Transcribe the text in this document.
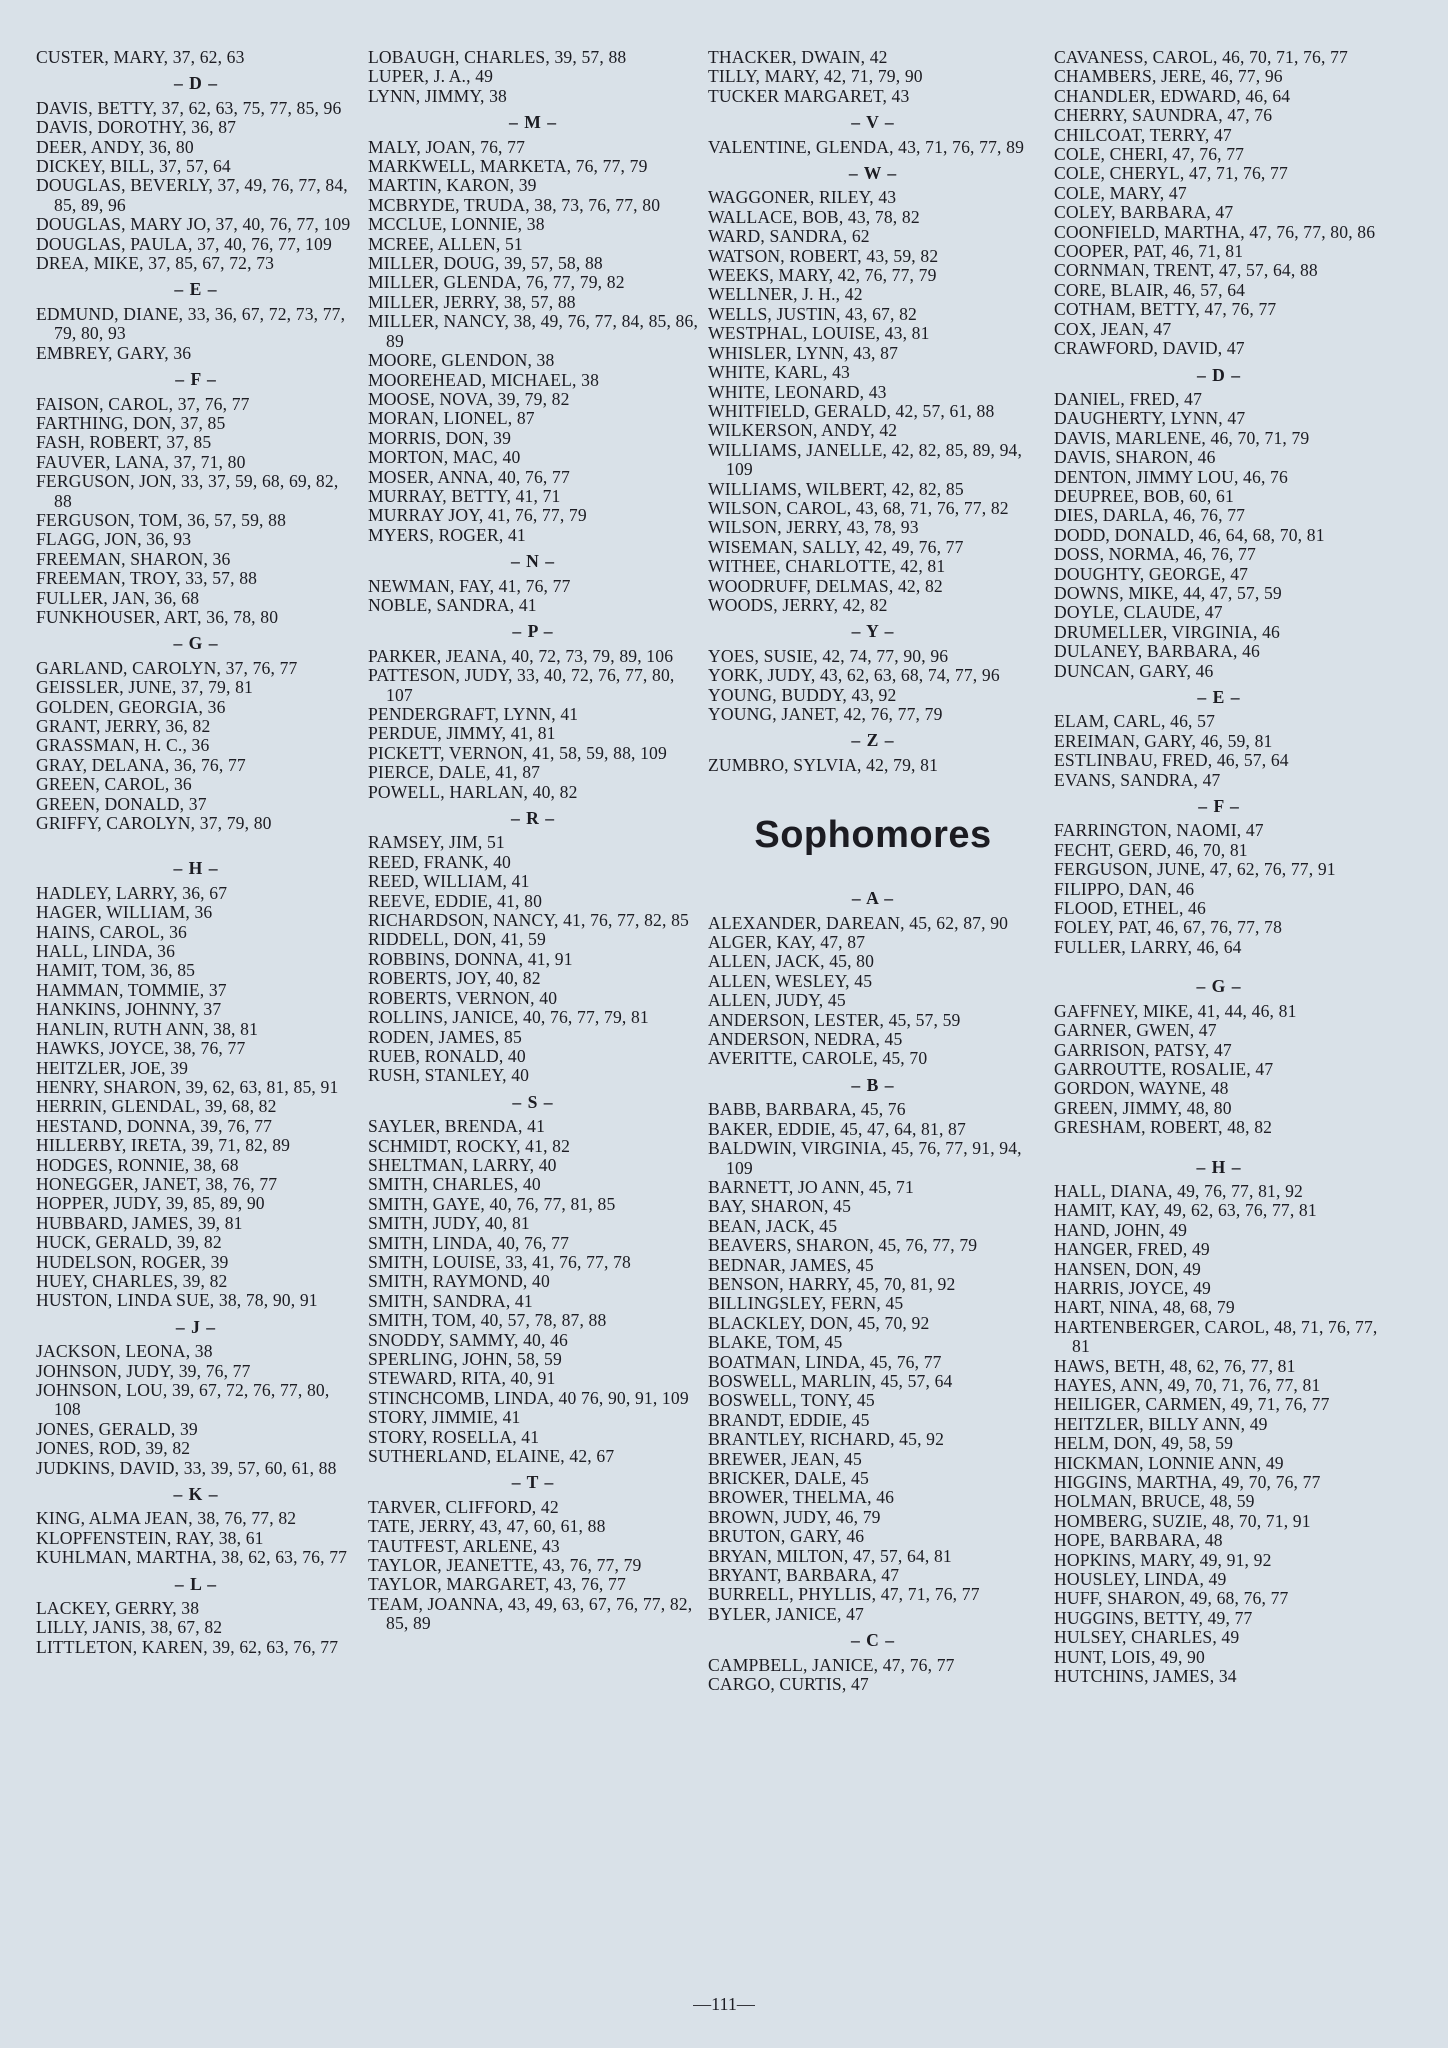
CUSTER, MARY, 37, 62, 63
– D –
DAVIS, BETTY, 37, 62, 63, 75, 77, 85, 96
DAVIS, DOROTHY, 36, 87
DEER, ANDY, 36, 80
DICKEY, BILL, 37, 57, 64
DOUGLAS, BEVERLY, 37, 49, 76, 77, 84, 85, 89, 96
DOUGLAS, MARY JO, 37, 40, 76, 77, 109
DOUGLAS, PAULA, 37, 40, 76, 77, 109
DREA, MIKE, 37, 85, 67, 72, 73
– E –
EDMUND, DIANE, 33, 36, 67, 72, 73, 77, 79, 80, 93
EMBREY, GARY, 36
– F –
FAISON, CAROL, 37, 76, 77
FARTHING, DON, 37, 85
FASH, ROBERT, 37, 85
FAUVER, LANA, 37, 71, 80
FERGUSON, JON, 33, 37, 59, 68, 69, 82, 88
FERGUSON, TOM, 36, 57, 59, 88
FLAGG, JON, 36, 93
FREEMAN, SHARON, 36
FREEMAN, TROY, 33, 57, 88
FULLER, JAN, 36, 68
FUNKHOUSER, ART, 36, 78, 80
– G –
GARLAND, CAROLYN, 37, 76, 77
GEISSLER, JUNE, 37, 79, 81
GOLDEN, GEORGIA, 36
GRANT, JERRY, 36, 82
GRASSMAN, H. C., 36
GRAY, DELANA, 36, 76, 77
GREEN, CAROL, 36
GREEN, DONALD, 37
GRIFFY, CAROLYN, 37, 79, 80
– H –
HADLEY, LARRY, 36, 67
HAGER, WILLIAM, 36
HAINS, CAROL, 36
HALL, LINDA, 36
HAMIT, TOM, 36, 85
HAMMAN, TOMMIE, 37
HANKINS, JOHNNY, 37
HANLIN, RUTH ANN, 38, 81
HAWKS, JOYCE, 38, 76, 77
HEITZLER, JOE, 39
HENRY, SHARON, 39, 62, 63, 81, 85, 91
HERRIN, GLENDAL, 39, 68, 82
HESTAND, DONNA, 39, 76, 77
HILLERBY, IRETA, 39, 71, 82, 89
HODGES, RONNIE, 38, 68
HONEGGER, JANET, 38, 76, 77
HOPPER, JUDY, 39, 85, 89, 90
HUBBARD, JAMES, 39, 81
HUCK, GERALD, 39, 82
HUDELSON, ROGER, 39
HUEY, CHARLES, 39, 82
HUSTON, LINDA SUE, 38, 78, 90, 91
– J –
JACKSON, LEONA, 38
JOHNSON, JUDY, 39, 76, 77
JOHNSON, LOU, 39, 67, 72, 76, 77, 80, 108
JONES, GERALD, 39
JONES, ROD, 39, 82
JUDKINS, DAVID, 33, 39, 57, 60, 61, 88
– K –
KING, ALMA JEAN, 38, 76, 77, 82
KLOPFENSTEIN, RAY, 38, 61
KUHLMAN, MARTHA, 38, 62, 63, 76, 77
– L –
LACKEY, GERRY, 38
LILLY, JANIS, 38, 67, 82
LITTLETON, KAREN, 39, 62, 63, 76, 77
LOBAUGH, CHARLES, 39, 57, 88
LUPER, J. A., 49
LYNN, JIMMY, 38
– M –
MALY, JOAN, 76, 77
MARKWELL, MARKETA, 76, 77, 79
MARTIN, KARON, 39
MCBRYDE, TRUDA, 38, 73, 76, 77, 80
MCCLUE, LONNIE, 38
MCREE, ALLEN, 51
MILLER, DOUG, 39, 57, 58, 88
MILLER, GLENDA, 76, 77, 79, 82
MILLER, JERRY, 38, 57, 88
MILLER, NANCY, 38, 49, 76, 77, 84, 85, 86, 89
MOORE, GLENDON, 38
MOOREHEAD, MICHAEL, 38
MOOSE, NOVA, 39, 79, 82
MORAN, LIONEL, 87
MORRIS, DON, 39
MORTON, MAC, 40
MOSER, ANNA, 40, 76, 77
MURRAY, BETTY, 41, 71
MURRAY JOY, 41, 76, 77, 79
MYERS, ROGER, 41
– N –
NEWMAN, FAY, 41, 76, 77
NOBLE, SANDRA, 41
– P –
PARKER, JEANA, 40, 72, 73, 79, 89, 106
PATTESON, JUDY, 33, 40, 72, 76, 77, 80, 107
PENDERGRAFT, LYNN, 41
PERDUE, JIMMY, 41, 81
PICKETT, VERNON, 41, 58, 59, 88, 109
PIERCE, DALE, 41, 87
POWELL, HARLAN, 40, 82
– R –
RAMSEY, JIM, 51
REED, FRANK, 40
REED, WILLIAM, 41
REEVE, EDDIE, 41, 80
RICHARDSON, NANCY, 41, 76, 77, 82, 85
RIDDELL, DON, 41, 59
ROBBINS, DONNA, 41, 91
ROBERTS, JOY, 40, 82
ROBERTS, VERNON, 40
ROLLINS, JANICE, 40, 76, 77, 79, 81
RODEN, JAMES, 85
RUEB, RONALD, 40
RUSH, STANLEY, 40
– S –
SAYLER, BRENDA, 41
SCHMIDT, ROCKY, 41, 82
SHELTMAN, LARRY, 40
SMITH, CHARLES, 40
SMITH, GAYE, 40, 76, 77, 81, 85
SMITH, JUDY, 40, 81
SMITH, LINDA, 40, 76, 77
SMITH, LOUISE, 33, 41, 76, 77, 78
SMITH, RAYMOND, 40
SMITH, SANDRA, 41
SMITH, TOM, 40, 57, 78, 87, 88
SNODDY, SAMMY, 40, 46
SPERLING, JOHN, 58, 59
STEWARD, RITA, 40, 91
STINCHCOMB, LINDA, 40 76, 90, 91, 109
STORY, JIMMIE, 41
STORY, ROSELLA, 41
SUTHERLAND, ELAINE, 42, 67
– T –
TARVER, CLIFFORD, 42
TATE, JERRY, 43, 47, 60, 61, 88
TAUTFEST, ARLENE, 43
TAYLOR, JEANETTE, 43, 76, 77, 79
TAYLOR, MARGARET, 43, 76, 77
TEAM, JOANNA, 43, 49, 63, 67, 76, 77, 82, 85, 89
THACKER, DWAIN, 42
TILLY, MARY, 42, 71, 79, 90
TUCKER MARGARET, 43
– V –
VALENTINE, GLENDA, 43, 71, 76, 77, 89
– W –
WAGGONER, RILEY, 43
WALLACE, BOB, 43, 78, 82
WARD, SANDRA, 62
WATSON, ROBERT, 43, 59, 82
WEEKS, MARY, 42, 76, 77, 79
WELLNER, J. H., 42
WELLS, JUSTIN, 43, 67, 82
WESTPHAL, LOUISE, 43, 81
WHISLER, LYNN, 43, 87
WHITE, KARL, 43
WHITE, LEONARD, 43
WHITFIELD, GERALD, 42, 57, 61, 88
WILKERSON, ANDY, 42
WILLIAMS, JANELLE, 42, 82, 85, 89, 94, 109
WILLIAMS, WILBERT, 42, 82, 85
WILSON, CAROL, 43, 68, 71, 76, 77, 82
WILSON, JERRY, 43, 78, 93
WISEMAN, SALLY, 42, 49, 76, 77
WITHEE, CHARLOTTE, 42, 81
WOODRUFF, DELMAS, 42, 82
WOODS, JERRY, 42, 82
– Y –
YOES, SUSIE, 42, 74, 77, 90, 96
YORK, JUDY, 43, 62, 63, 68, 74, 77, 96
YOUNG, BUDDY, 43, 92
YOUNG, JANET, 42, 76, 77, 79
– Z –
ZUMBRO, SYLVIA, 42, 79, 81
Sophomores
– A –
ALEXANDER, DAREAN, 45, 62, 87, 90
ALGER, KAY, 47, 87
ALLEN, JACK, 45, 80
ALLEN, WESLEY, 45
ALLEN, JUDY, 45
ANDERSON, LESTER, 45, 57, 59
ANDERSON, NEDRA, 45
AVERITTE, CAROLE, 45, 70
– B –
BABB, BARBARA, 45, 76
BAKER, EDDIE, 45, 47, 64, 81, 87
BALDWIN, VIRGINIA, 45, 76, 77, 91, 94, 109
BARNETT, JO ANN, 45, 71
BAY, SHARON, 45
BEAN, JACK, 45
BEAVERS, SHARON, 45, 76, 77, 79
BEDNAR, JAMES, 45
BENSON, HARRY, 45, 70, 81, 92
BILLINGSLEY, FERN, 45
BLACKLEY, DON, 45, 70, 92
BLAKE, TOM, 45
BOATMAN, LINDA, 45, 76, 77
BOSWELL, MARLIN, 45, 57, 64
BOSWELL, TONY, 45
BRANDT, EDDIE, 45
BRANTLEY, RICHARD, 45, 92
BREWER, JEAN, 45
BRICKER, DALE, 45
BROWER, THELMA, 46
BROWN, JUDY, 46, 79
BRUTON, GARY, 46
BRYAN, MILTON, 47, 57, 64, 81
BRYANT, BARBARA, 47
BURRELL, PHYLLIS, 47, 71, 76, 77
BYLER, JANICE, 47
– C –
CAMPBELL, JANICE, 47, 76, 77
CARGO, CURTIS, 47
CAVANESS, CAROL, 46, 70, 71, 76, 77
CHAMBERS, JERE, 46, 77, 96
CHANDLER, EDWARD, 46, 64
CHERRY, SAUNDRA, 47, 76
CHILCOAT, TERRY, 47
COLE, CHERI, 47, 76, 77
COLE, CHERYL, 47, 71, 76, 77
COLE, MARY, 47
COLEY, BARBARA, 47
COONFIELD, MARTHA, 47, 76, 77, 80, 86
COOPER, PAT, 46, 71, 81
CORNMAN, TRENT, 47, 57, 64, 88
CORE, BLAIR, 46, 57, 64
COTHAM, BETTY, 47, 76, 77
COX, JEAN, 47
CRAWFORD, DAVID, 47
– D –
DANIEL, FRED, 47
DAUGHERTY, LYNN, 47
DAVIS, MARLENE, 46, 70, 71, 79
DAVIS, SHARON, 46
DENTON, JIMMY LOU, 46, 76
DEUPREE, BOB, 60, 61
DIES, DARLA, 46, 76, 77
DODD, DONALD, 46, 64, 68, 70, 81
DOSS, NORMA, 46, 76, 77
DOUGHTY, GEORGE, 47
DOWNS, MIKE, 44, 47, 57, 59
DOYLE, CLAUDE, 47
DRUMELLER, VIRGINIA, 46
DULANEY, BARBARA, 46
DUNCAN, GARY, 46
– E –
ELAM, CARL, 46, 57
EREIMAN, GARY, 46, 59, 81
ESTLINBAU, FRED, 46, 57, 64
EVANS, SANDRA, 47
– F –
FARRINGTON, NAOMI, 47
FECHT, GERD, 46, 70, 81
FERGUSON, JUNE, 47, 62, 76, 77, 91
FILIPPO, DAN, 46
FLOOD, ETHEL, 46
FOLEY, PAT, 46, 67, 76, 77, 78
FULLER, LARRY, 46, 64
– G –
GAFFNEY, MIKE, 41, 44, 46, 81
GARNER, GWEN, 47
GARRISON, PATSY, 47
GARROUTTE, ROSALIE, 47
GORDON, WAYNE, 48
GREEN, JIMMY, 48, 80
GRESHAM, ROBERT, 48, 82
– H –
HALL, DIANA, 49, 76, 77, 81, 92
HAMIT, KAY, 49, 62, 63, 76, 77, 81
HAND, JOHN, 49
HANGER, FRED, 49
HANSEN, DON, 49
HARRIS, JOYCE, 49
HART, NINA, 48, 68, 79
HARTENBERGER, CAROL, 48, 71, 76, 77, 81
HAWS, BETH, 48, 62, 76, 77, 81
HAYES, ANN, 49, 70, 71, 76, 77, 81
HEILIGER, CARMEN, 49, 71, 76, 77
HEITZLER, BILLY ANN, 49
HELM, DON, 49, 58, 59
HICKMAN, LONNIE ANN, 49
HIGGINS, MARTHA, 49, 70, 76, 77
HOLMAN, BRUCE, 48, 59
HOMBERG, SUZIE, 48, 70, 71, 91
HOPE, BARBARA, 48
HOPKINS, MARY, 49, 91, 92
HOUSLEY, LINDA, 49
HUFF, SHARON, 49, 68, 76, 77
HUGGINS, BETTY, 49, 77
HULSEY, CHARLES, 49
HUNT, LOIS, 49, 90
HUTCHINS, JAMES, 34
—111—
